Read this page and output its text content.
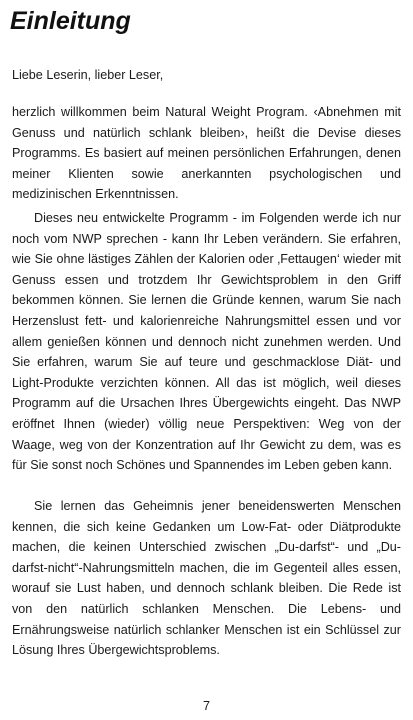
Einleitung

Liebe Leserin, lieber Leser,

herzlich willkommen beim Natural Weight Program. ‹Abnehmen mit Genuss und natürlich schlank bleiben›, heißt die Devise dieses Programms. Es basiert auf meinen persönlichen Erfahrungen, denen meiner Klienten sowie anerkannten psychologischen und medizinischen Erkenntnissen.

Dieses neu entwickelte Programm - im Folgenden werde ich nur noch vom NWP sprechen - kann Ihr Leben verändern. Sie erfahren, wie Sie ohne lästiges Zählen der Kalorien oder ‚Fettaugen‘ wieder mit Genuss essen und trotzdem Ihr Gewichtsproblem in den Griff bekommen können. Sie lernen die Gründe kennen, warum Sie nach Herzenslust fett- und kalorienreiche Nahrungsmittel essen und vor allem genießen können und dennoch nicht zunehmen werden. Und Sie erfahren, warum Sie auf teure und geschmacklose Diät- und Light-Produkte verzichten können. All das ist möglich, weil dieses Programm auf die Ursachen Ihres Übergewichts eingeht. Das NWP eröffnet Ihnen (wieder) völlig neue Perspektiven: Weg von der Waage, weg von der Konzentration auf Ihr Gewicht zu dem, was es für Sie sonst noch Schönes und Spannendes im Leben geben kann.

Sie lernen das Geheimnis jener beneidenswerten Menschen kennen, die sich keine Gedanken um Low-Fat- oder Diätprodukte machen, die keinen Unterschied zwischen „Du-darfst“- und „Du-darfst-nicht“-Nahrungsmitteln machen, die im Gegenteil alles essen, worauf sie Lust haben, und dennoch schlank bleiben. Die Rede ist von den natürlich schlanken Menschen. Die Lebens- und Ernährungsweise natürlich schlanker Menschen ist ein Schlüssel zur Lösung Ihres Übergewichtsproblems.

7
